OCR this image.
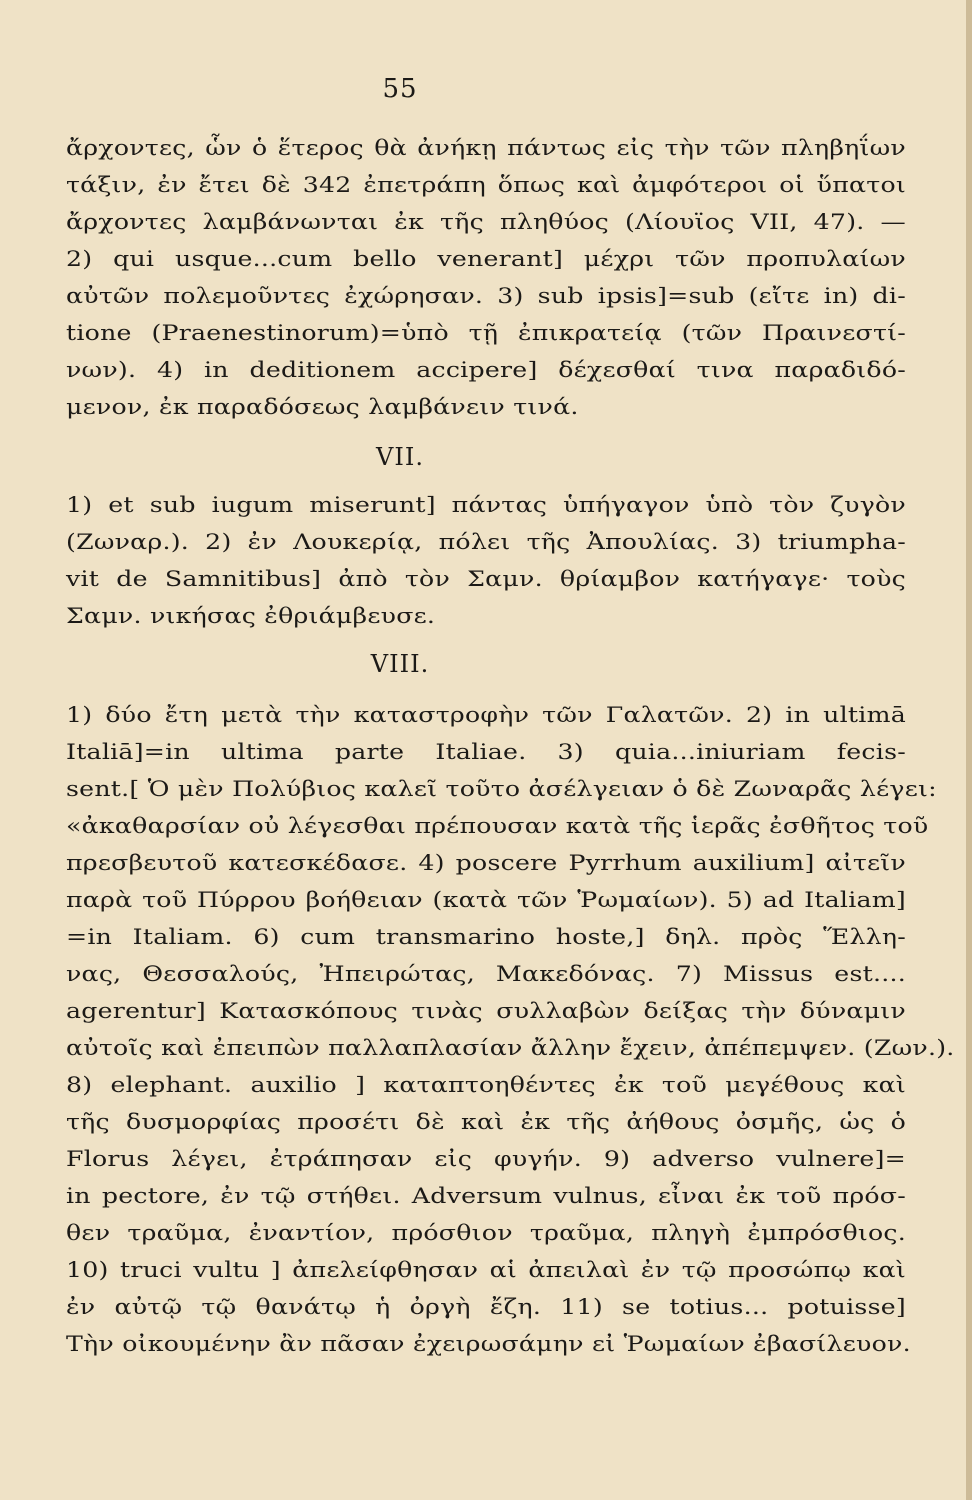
55
ἄρχοντες, ὧν ὁ ἕτερος θὰ ἀνήκῃ πάντως εἰς τὴν τῶν πληβηΐων
τάξιν, ἐν ἔτει δὲ 342 ἐπετράπη ὅπως καὶ ἀμφότεροι οἱ ὕπατοι
ἄρχοντες λαμβάνωνται ἐκ τῆς πληθύος (Λίουϊος VII, 47). —
2) qui usque...cum bello venerant] μέχρι τῶν προπυλαίων
αὐτῶν πολεμοῦντες ἐχώρησαν. 3) sub ipsis]=sub (εἴτε in) di-
tione (Praenestinorum)=ὑπὸ τῇ ἐπικρατείᾳ (τῶν Πραινεστί-
νων). 4) in deditionem accipere] δέχεσθαί τινα παραδιδό-
μενον, ἐκ παραδόσεως λαμβάνειν τινά.
VII.
1) et sub iugum miserunt] πάντας ὑπήγαγον ὑπὸ τὸν ζυγὸν
(Ζωναρ.). 2) ἐν Λουκερίᾳ, πόλει τῆς Ἀπουλίας. 3) triumpha-
vit de Samnitibus] ἀπὸ τὸν Σαμν. θρίαμβον κατήγαγε· τοὺς
Σαμν. νικήσας ἐθριάμβευσε.
VIII.
1) δύο ἔτη μετὰ τὴν καταστροφὴν τῶν Γαλατῶν. 2) in ultimā
Italiā]=in ultima parte Italiae. 3) quia...iniuriam fecis-
sent.[ Ὁ μὲν Πολύβιος καλεῖ τοῦτο ἀσέλγειαν ὁ δὲ Ζωναρᾶς λέγει:
«ἀκαθαρσίαν οὐ λέγεσθαι πρέπουσαν κατὰ τῆς ἱερᾶς ἐσθῆτος τοῦ
πρεσβευτοῦ κατεσκέδασε. 4) poscere Pyrrhum auxilium] αἰτεῖν
παρὰ τοῦ Πύρρου βοήθειαν (κατὰ τῶν Ῥωμαίων). 5) ad Italiam]
=in Italiam. 6) cum transmarino hoste,] δηλ. πρὸς Ἕλλη-
νας, Θεσσαλούς, Ἠπειρώτας, Μακεδόνας. 7) Missus est....
agerentur] Κατασκόπους τινὰς συλλαβὼν δείξας τὴν δύναμιν
αὐτοῖς καὶ ἐπειπὼν παλλαπλασίαν ἄλλην ἔχειν, ἀπέπεμψεν. (Ζων.).
8) elephant. auxilio ] καταπτοηθέντες ἐκ τοῦ μεγέθους καὶ
τῆς δυσμορφίας προσέτι δὲ καὶ ἐκ τῆς ἀήθους ὀσμῆς, ὡς ὁ
Florus λέγει, ἐτράπησαν εἰς φυγήν. 9) adverso vulnere]=
in pectore, ἐν τῷ στήθει. Adversum vulnus, εἶναι ἐκ τοῦ πρόσ-
θεν τραῦμα, ἐναντίον, πρόσθιον τραῦμα, πληγὴ ἐμπρόσθιος.
10) truci vultu ] ἀπελείφθησαν αἱ ἀπειλαὶ ἐν τῷ προσώπῳ καὶ
ἐν αὐτῷ τῷ θανάτῳ ἡ ὀργὴ ἔζη. 11) se totius... potuisse]
Τὴν οἰκουμένην ἂν πᾶσαν ἐχειρωσάμην εἰ Ῥωμαίων ἐβασίλευον.
